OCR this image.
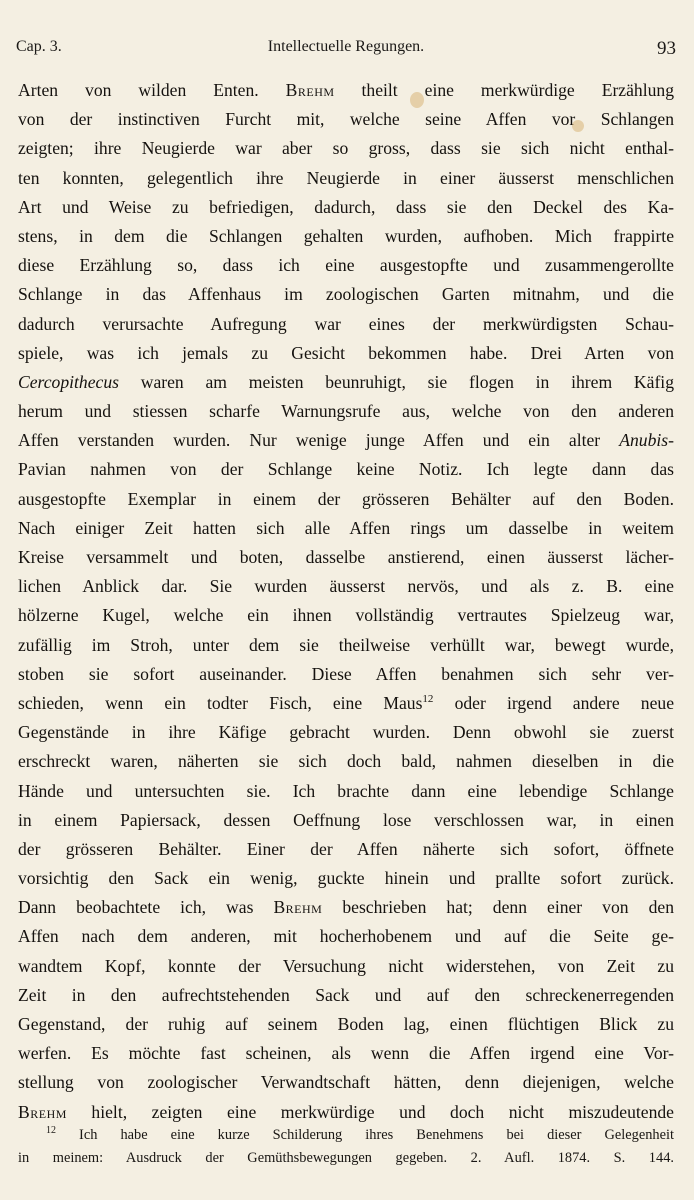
Cap. 3.	Intellectuelle Regungen.	93
Arten von wilden Enten. Brehm theilt eine merkwürdige Erzählung
von der instinctiven Furcht mit, welche seine Affen vor Schlangen
zeigten; ihre Neugierde war aber so gross, dass sie sich nicht enthal-
ten konnten, gelegentlich ihre Neugierde in einer äusserst menschlichen
Art und Weise zu befriedigen, dadurch, dass sie den Deckel des Ka-
stens, in dem die Schlangen gehalten wurden, aufhoben. Mich frappirte
diese Erzählung so, dass ich eine ausgestopfte und zusammengerollte
Schlange in das Affenhaus im zoologischen Garten mitnahm, und die
dadurch verursachte Aufregung war eines der merkwürdigsten Schau-
spiele, was ich jemals zu Gesicht bekommen habe. Drei Arten von
Cercopithecus waren am meisten beunruhigt, sie flogen in ihrem Käfig
herum und stiessen scharfe Warnungsrufe aus, welche von den anderen
Affen verstanden wurden. Nur wenige junge Affen und ein alter Anubis-
Pavian nahmen von der Schlange keine Notiz. Ich legte dann das
ausgestopfte Exemplar in einem der grösseren Behälter auf den Boden.
Nach einiger Zeit hatten sich alle Affen rings um dasselbe in weitem
Kreise versammelt und boten, dasselbe anstierend, einen äusserst lächer-
lichen Anblick dar. Sie wurden äusserst nervös, und als z. B. eine
hölzerne Kugel, welche ein ihnen vollständig vertrautes Spielzeug war,
zufällig im Stroh, unter dem sie theilweise verhüllt war, bewegt wurde,
stoben sie sofort auseinander. Diese Affen benahmen sich sehr ver-
schieden, wenn ein todter Fisch, eine Maus$^{12}$ oder irgend andere neue
Gegenstände in ihre Käfige gebracht wurden. Denn obwohl sie zuerst
erschreckt waren, näherten sie sich doch bald, nahmen dieselben in die
Hände und untersuchten sie. Ich brachte dann eine lebendige Schlange
in einem Papiersack, dessen Oeffnung lose verschlossen war, in einen
der grösseren Behälter. Einer der Affen näherte sich sofort, öffnete
vorsichtig den Sack ein wenig, guckte hinein und prallte sofort zurück.
Dann beobachtete ich, was Brehm beschrieben hat; denn einer von den
Affen nach dem anderen, mit hocherhobenem und auf die Seite ge-
wandtem Kopf, konnte der Versuchung nicht widerstehen, von Zeit zu
Zeit in den aufrechtstehenden Sack und auf den schreckenerregenden
Gegenstand, der ruhig auf seinem Boden lag, einen flüchtigen Blick zu
werfen. Es möchte fast scheinen, als wenn die Affen irgend eine Vor-
stellung von zoologischer Verwandtschaft hätten, denn diejenigen, welche
Brehm hielt, zeigten eine merkwürdige und doch nicht miszudeutende
$^{12}$ Ich habe eine kurze Schilderung ihres Benehmens bei dieser Gelegenheit
in meinem: Ausdruck der Gemüthsbewegungen gegeben. 2. Aufl. 1874. S. 144.
